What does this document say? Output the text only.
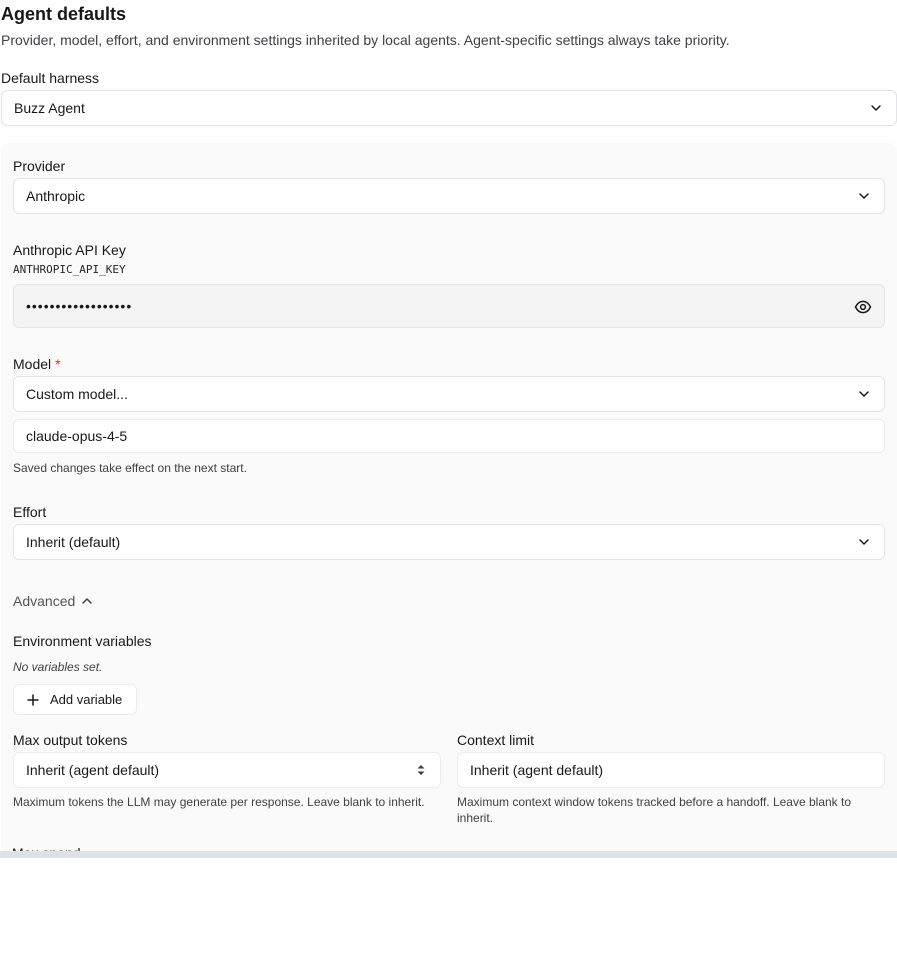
Agent defaults
Provider, model, effort, and environment settings inherited by local agents. Agent-specific settings always take priority.
Default harness
Buzz Agent
Provider
Anthropic
Anthropic API Key
ANTHROPIC_API_KEY
••••••••••••••••••
Model *
Custom model...
claude-opus-4-5
Saved changes take effect on the next start.
Effort
Inherit (default)
Advanced
Environment variables
No variables set.
Add variable
Max output tokens
Inherit (agent default)
Maximum tokens the LLM may generate per response. Leave blank to inherit.
Context limit
Inherit (agent default)
Maximum context window tokens tracked before a handoff. Leave blank to inherit.
